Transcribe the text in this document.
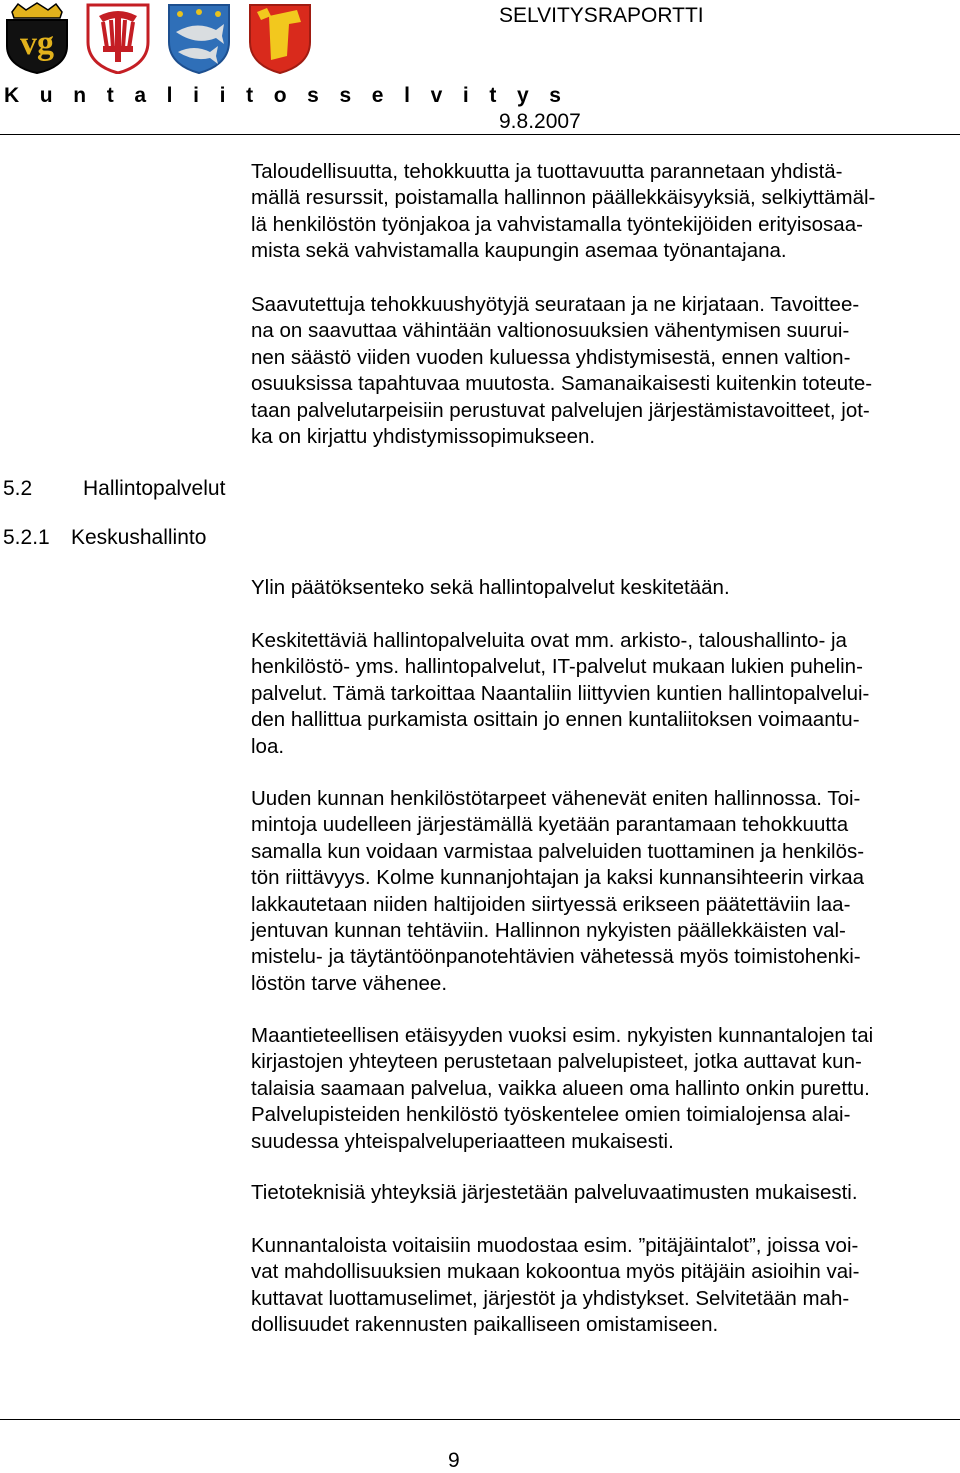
vg
K u n t a l i i t o s s e l v i t y s
SELVITYSRAPORTTI
9.8.2007

Taloudellisuutta, tehokkuutta ja tuottavuutta parannetaan yhdistä-
mällä resurssit, poistamalla hallinnon päällekkäisyyksiä, selkiyttämäl-
lä henkilöstön työnjakoa ja vahvistamalla työntekijöiden erityisosaa-
mista sekä vahvistamalla kaupungin asemaa työnantajana.

Saavutettuja tehokkuushyötyjä seurataan ja ne kirjataan. Tavoittee-
na on saavuttaa vähintään valtionosuuksien vähentymisen suurui-
nen säästö viiden vuoden kuluessa yhdistymisestä, ennen valtion-
osuuksissa tapahtuvaa muutosta. Samanaikaisesti kuitenkin toteute-
taan palvelutarpeisiin perustuvat palvelujen järjestämistavoitteet, jot-
ka on kirjattu yhdistymissopimukseen.

5.2 Hallintopalvelut
5.2.1 Keskushallinto

Ylin päätöksenteko sekä hallintopalvelut keskitetään.

Keskitettäviä hallintopalveluita ovat mm. arkisto-, taloushallinto- ja
henkilöstö- yms. hallintopalvelut, IT-palvelut mukaan lukien puhelin-
palvelut. Tämä tarkoittaa Naantaliin liittyvien kuntien hallintopalvelui-
den hallittua purkamista osittain jo ennen kuntaliitoksen voimaantu-
loa.

Uuden kunnan henkilöstötarpeet vähenevät eniten hallinnossa. Toi-
mintoja uudelleen järjestämällä kyetään parantamaan tehokkuutta
samalla kun voidaan varmistaa palveluiden tuottaminen ja henkilös-
tön riittävyys. Kolme kunnanjohtajan ja kaksi kunnansihteerin virkaa
lakkautetaan niiden haltijoiden siirtyessä erikseen päätettäviin laa-
jentuvan kunnan tehtäviin. Hallinnon nykyisten päällekkäisten val-
mistelu- ja täytäntöönpanotehtävien vähetessä myös toimistohenki-
löstön tarve vähenee.

Maantieteellisen etäisyyden vuoksi esim. nykyisten kunnantalojen tai
kirjastojen yhteyteen perustetaan palvelupisteet, jotka auttavat kun-
talaisia saamaan palvelua, vaikka alueen oma hallinto onkin purettu.
Palvelupisteiden henkilöstö työskentelee omien toimialojensa alai-
suudessa yhteispalveluperiaatteen mukaisesti.

Tietoteknisiä yhteyksiä järjestetään palveluvaatimusten mukaisesti.

Kunnantaloista voitaisiin muodostaa esim. ”pitäjäintalot”, joissa voi-
vat mahdollisuuksien mukaan kokoontua myös pitäjäin asioihin vai-
kuttavat luottamuselimet, järjestöt ja yhdistykset. Selvitetään mah-
dollisuudet rakennusten paikalliseen omistamiseen.

9
